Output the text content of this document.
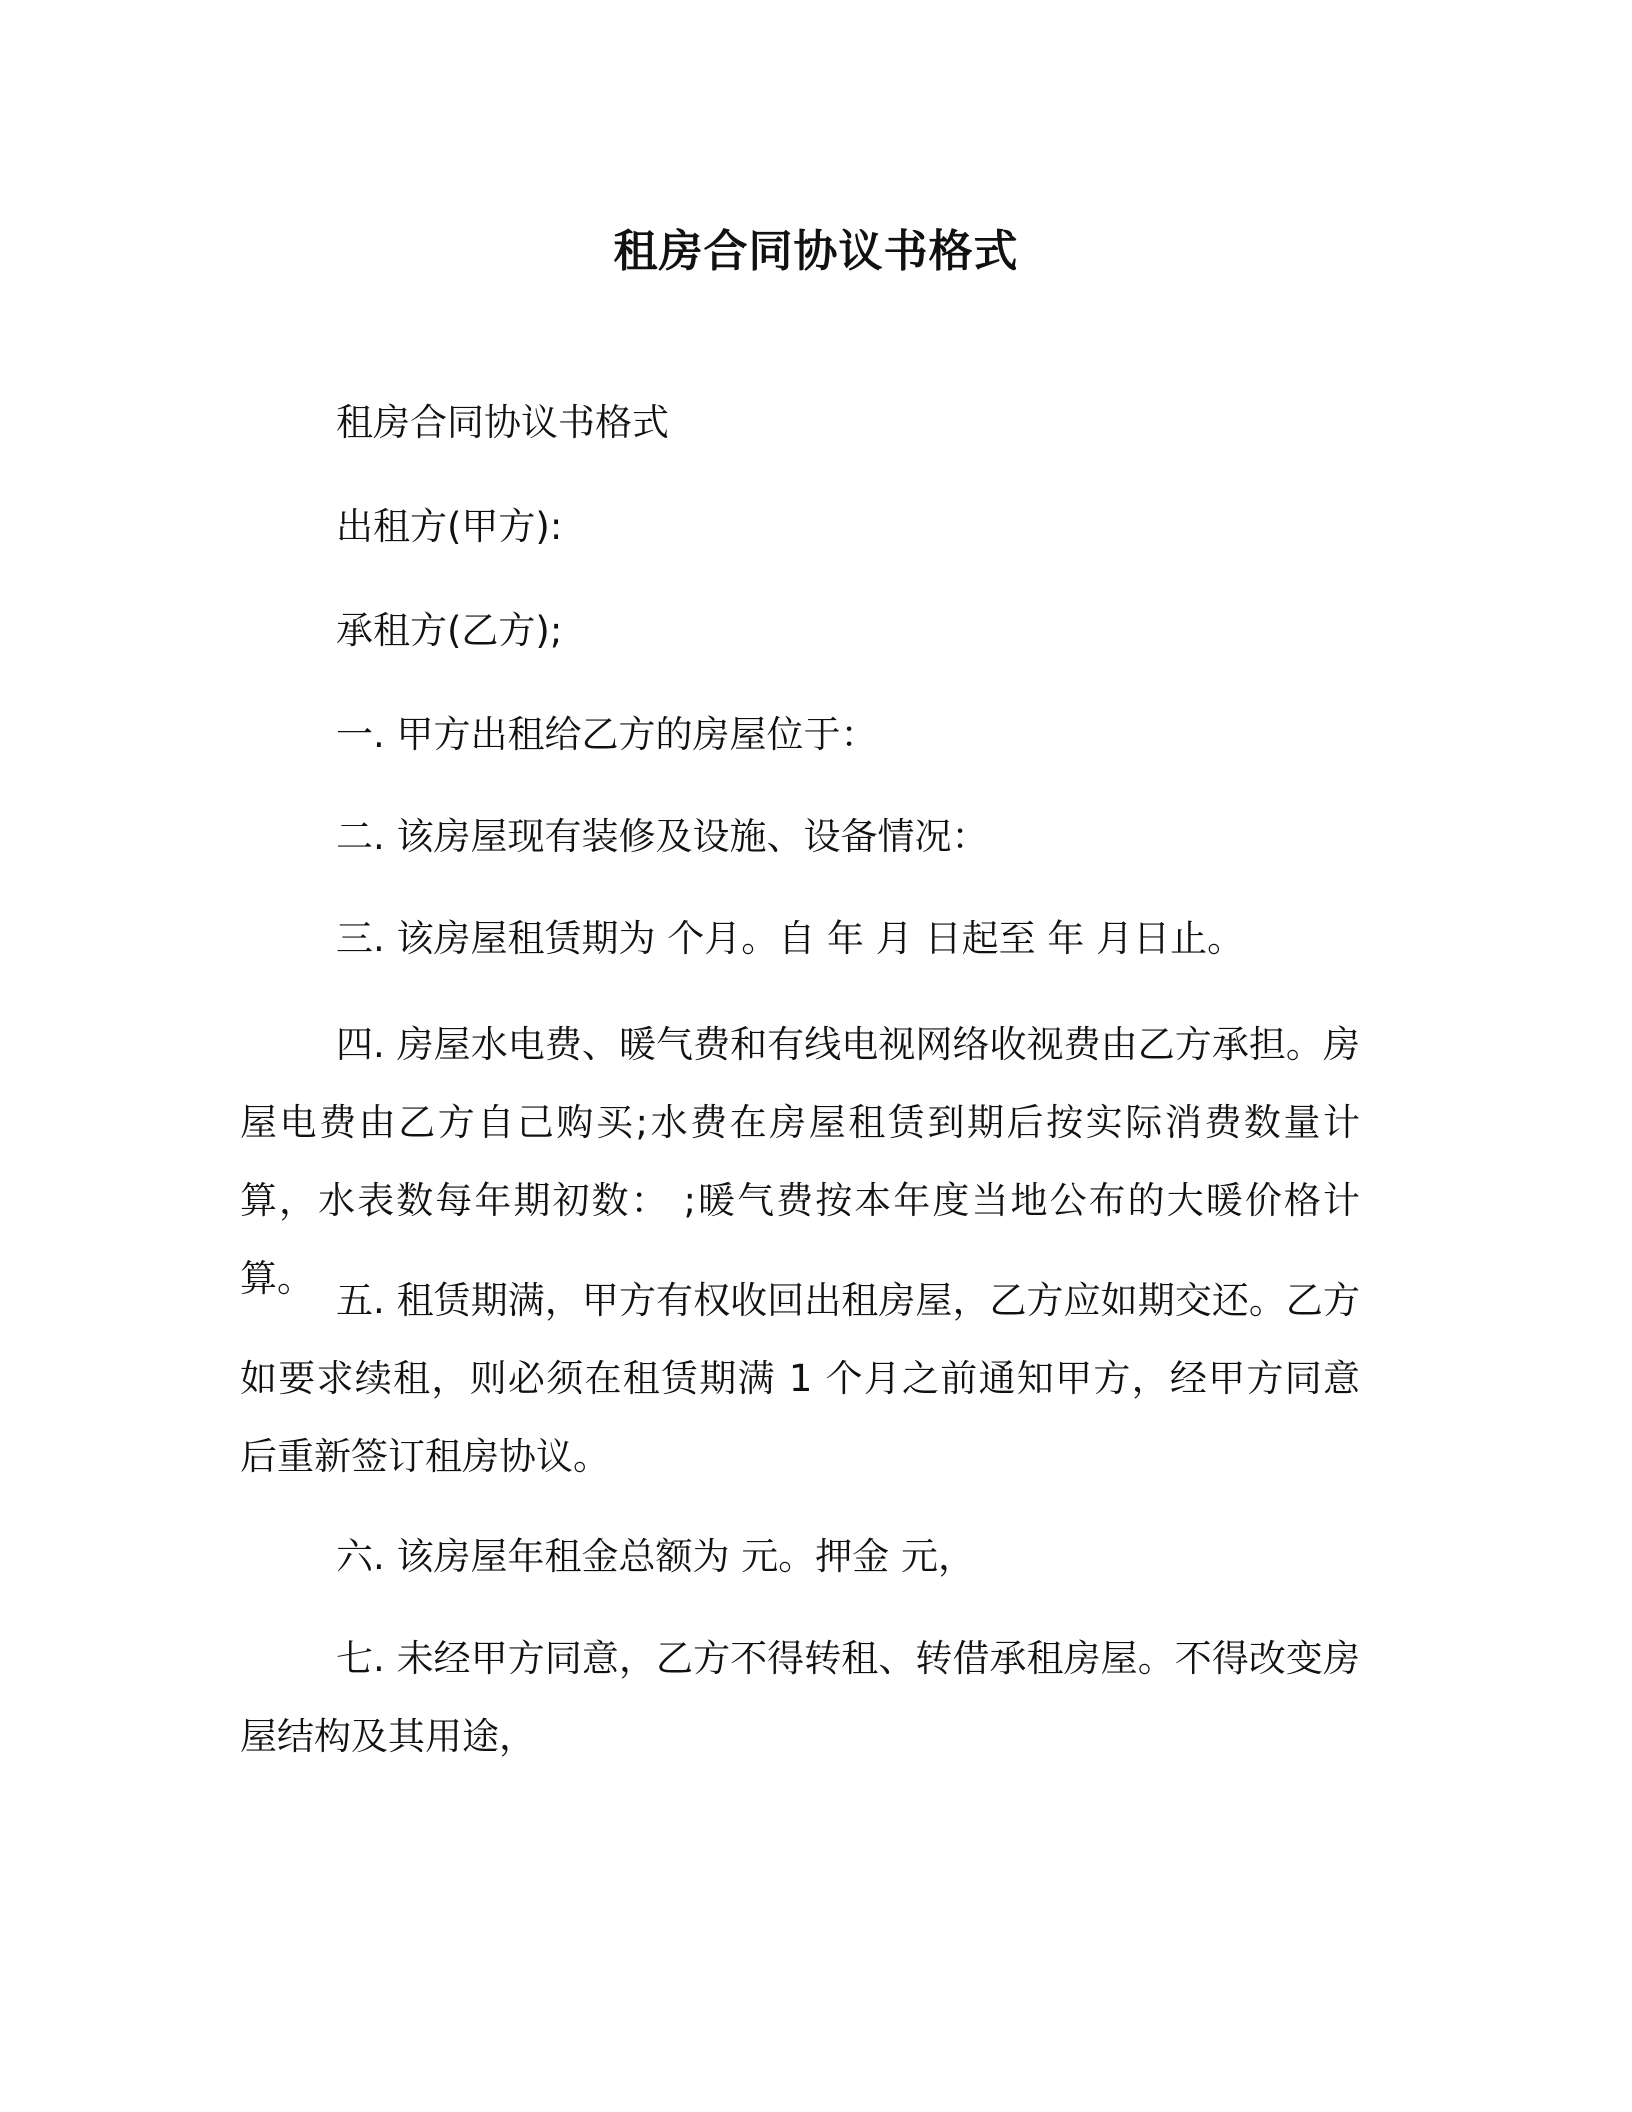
租房合同协议书格式
租房合同协议书格式
出租方(甲方):
承租方(乙方);
一. 甲方出租给乙方的房屋位于：
二. 该房屋现有装修及设施、设备情况：
三. 该房屋租赁期为 个月。自 年 月 日起至 年 月日止。

四. 房屋水电费、暖气费和有线电视网络收视费由乙方承担。房屋电费由乙方自己购买;水费在房屋租赁到期后按实际消费数量计算，水表数每年期初数： ;暖气费按本年度当地公布的大暖价格计算。

五. 租赁期满，甲方有权收回出租房屋，乙方应如期交还。乙方如要求续租，则必须在租赁期满 1 个月之前通知甲方，经甲方同意后重新签订租房协议。

六. 该房屋年租金总额为 元。押金 元，

七. 未经甲方同意，乙方不得转租、转借承租房屋。不得改变房屋结构及其用途，
